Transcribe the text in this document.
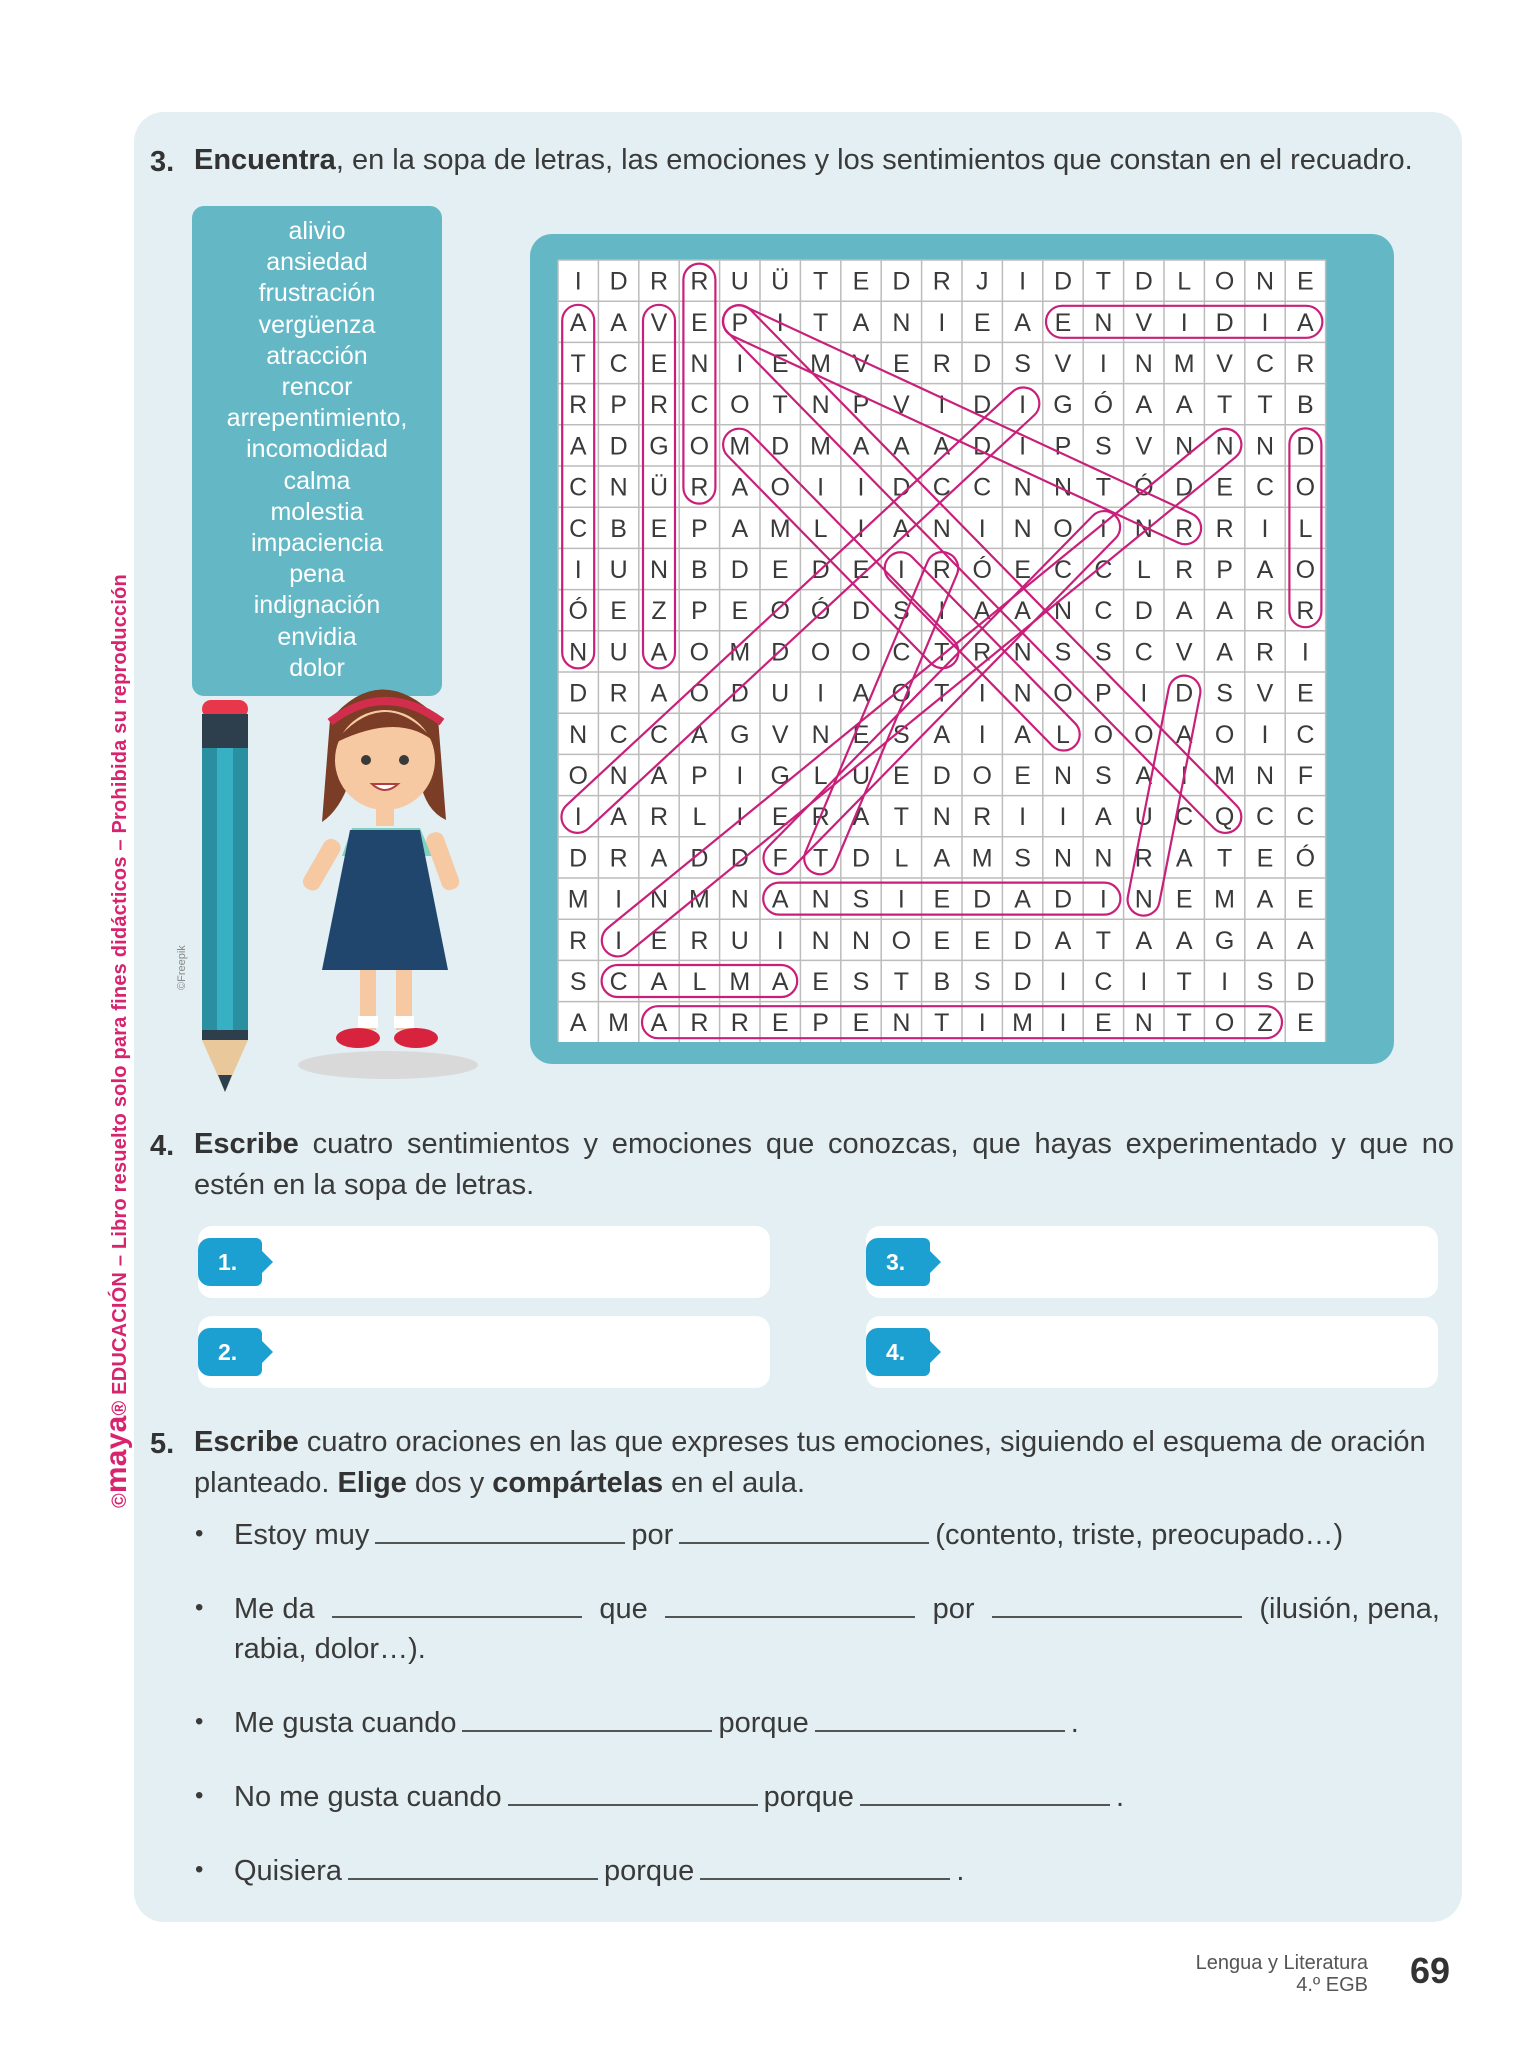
©maya® EDUCACIÓN – Libro resuelto solo para fines didácticos – Prohibida su reproducción
3. Encuentra, en la sopa de letras, las emociones y los sentimientos que constan en el recuadro.
alivio
ansiedad
frustración
vergüenza
atracción
rencor
arrepentimiento,
incomodidad
calma
molestia
impaciencia
pena
indignación
envidia
dolor
©Freepik
I D R R U Ü T E D R J I D T D L O N E
A A V E P I T A N I E A E N V I D I A
T C E N I E M V E R D S V I N M V C R
R P R C O T N P V I D I G Ó A A T T B
A D G O M D M A A A D I P S V N N N D
C N Ü R A O I I D C C N N T Ó D E C O
C B E P A M L I A N I N O I N R R I L
I U N B D E D E I R Ó E C C L R P A O
Ó E Z P E O Ó D S I A A N C D A A R R
N U A O M D O O C T R N S S C V A R I
D R A O D U I A O T I N O P I D S V E
N C C A G V N E S A I A L O O A O I C
O N A P I G L U E D O E N S A I M N F
I A R L I E R A T N R I I A U C Q C C
D R A D D F T D L A M S N N R A T E Ó
M I N M N A N S I E D A D I N E M A E
R I E R U I N N O E E D A T A A G A A
S C A L M A E S T B S D I C I T I S D
A M A R R E P E N T I M I E N T O Z E
4. Escribe cuatro sentimientos y emociones que conozcas, que hayas experimentado y que no estén en la sopa de letras.
1.
2.
3.
4.
5. Escribe cuatro oraciones en las que expreses tus emociones, siguiendo el esquema de oración planteado. Elige dos y compártelas en el aula.
• Estoy muy	por	(contento, triste, preocupado…)
• Me da	que	por	(ilusión, pena,
rabia, dolor…).
• Me gusta cuando	porque	.
• No me gusta cuando	porque	.
• Quisiera	porque	.
Lengua y Literatura
4.º EGB 69
